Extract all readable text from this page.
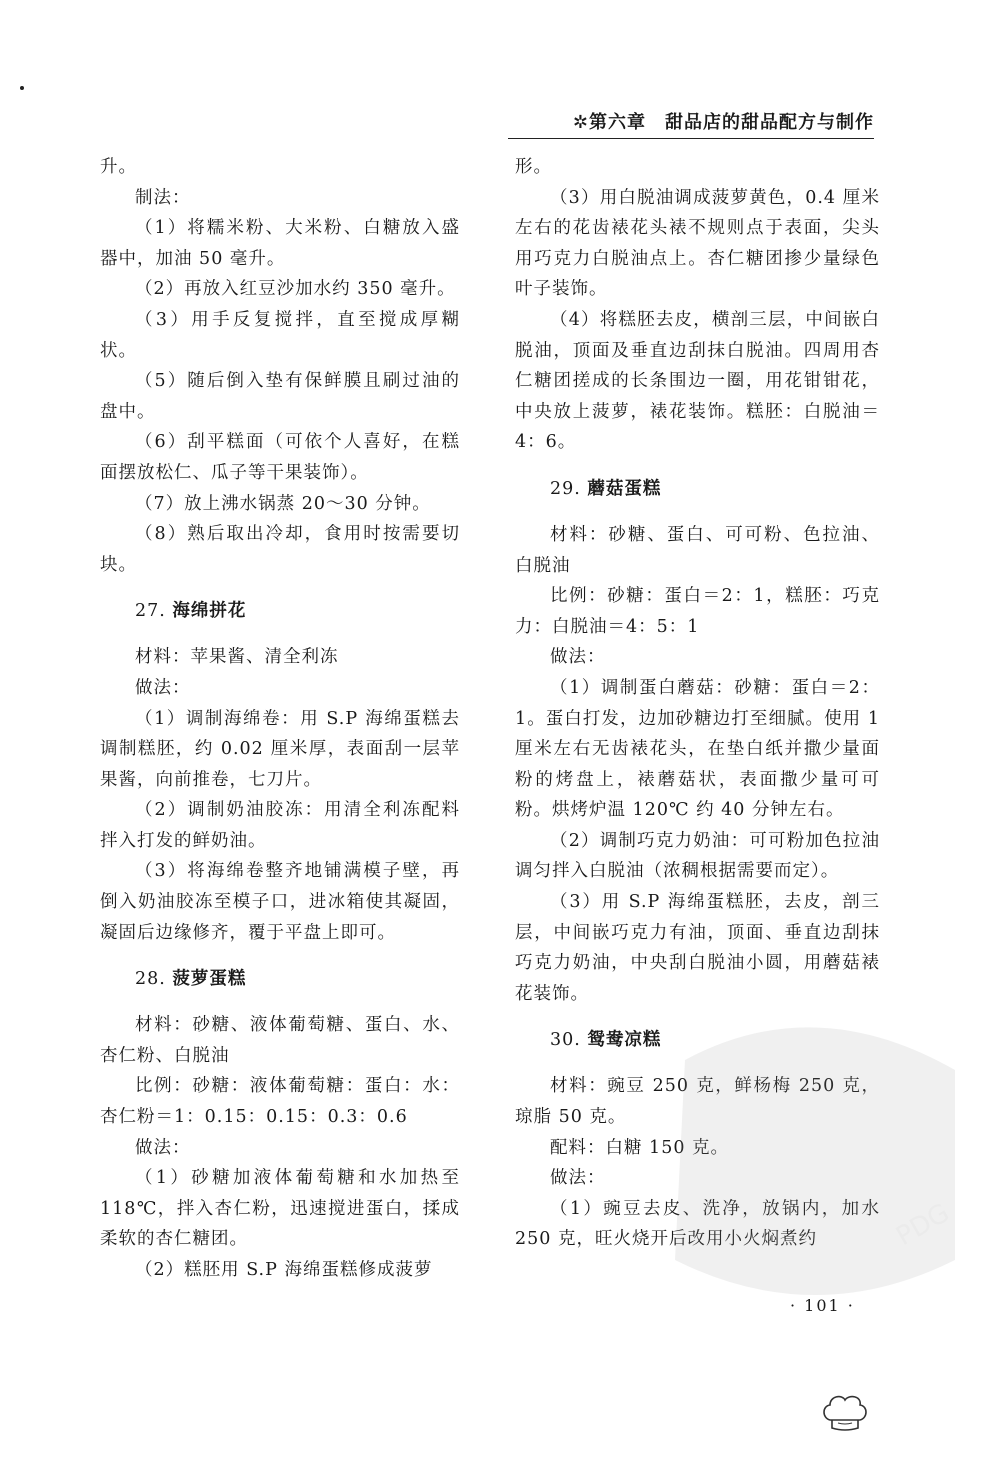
✲第六章　甜品店的甜品配方与制作

升。

制法：

（1）将糯米粉、大米粉、白糖放入盛器中，加油 50 毫升。

（2）再放入红豆沙加水约 350 毫升。

（3）用手反复搅拌，直至搅成厚糊状。

（5）随后倒入垫有保鲜膜且刷过油的盘中。

（6）刮平糕面（可依个人喜好，在糕面摆放松仁、瓜子等干果装饰）。

（7）放上沸水锅蒸 20～30 分钟。

（8）熟后取出冷却，食用时按需要切块。

27. 海绵拼花

材料：苹果酱、清全利冻

做法：

（1）调制海绵卷：用 S.P 海绵蛋糕去调制糕胚，约 0.02 厘米厚，表面刮一层苹果酱，向前推卷，七刀片。

（2）调制奶油胶冻：用清全利冻配料拌入打发的鲜奶油。

（3）将海绵卷整齐地铺满模子壁，再倒入奶油胶冻至模子口，进冰箱使其凝固，凝固后边缘修齐，覆于平盘上即可。

28. 菠萝蛋糕

材料：砂糖、液体葡萄糖、蛋白、水、杏仁粉、白脱油

比例：砂糖：液体葡萄糖：蛋白：水：杏仁粉＝1：0.15：0.15：0.3：0.6

做法：

（1）砂糖加液体葡萄糖和水加热至 118℃，拌入杏仁粉，迅速搅进蛋白，揉成柔软的杏仁糖团。

（2）糕胚用 S.P 海绵蛋糕修成菠萝

形。

（3）用白脱油调成菠萝黄色，0.4 厘米左右的花齿裱花头裱不规则点于表面，尖头用巧克力白脱油点上。杏仁糖团掺少量绿色叶子装饰。

（4）将糕胚去皮，横剖三层，中间嵌白脱油，顶面及垂直边刮抹白脱油。四周用杏仁糖团搓成的长条围边一圈，用花钳钳花，中央放上菠萝，裱花装饰。糕胚：白脱油＝4：6。

29. 蘑菇蛋糕

材料：砂糖、蛋白、可可粉、色拉油、白脱油

比例：砂糖：蛋白＝2：1，糕胚：巧克力：白脱油＝4：5：1

做法：

（1）调制蛋白蘑菇：砂糖：蛋白＝2：1。蛋白打发，边加砂糖边打至细腻。使用 1 厘米左右无齿裱花头，在垫白纸并撒少量面粉的烤盘上，裱蘑菇状，表面撒少量可可粉。烘烤炉温 120℃ 约 40 分钟左右。

（2）调制巧克力奶油：可可粉加色拉油调匀拌入白脱油（浓稠根据需要而定）。

（3）用 S.P 海绵蛋糕胚，去皮，剖三层，中间嵌巧克力有油，顶面、垂直边刮抹巧克力奶油，中央刮白脱油小圆，用蘑菇裱花装饰。

30. 鸳鸯凉糕

材料：豌豆 250 克，鲜杨梅 250 克，琼脂 50 克。

配料：白糖 150 克。

做法：

（1）豌豆去皮、洗净，放锅内，加水 250 克，旺火烧开后改用小火焖煮约

· 101 ·
PDG
